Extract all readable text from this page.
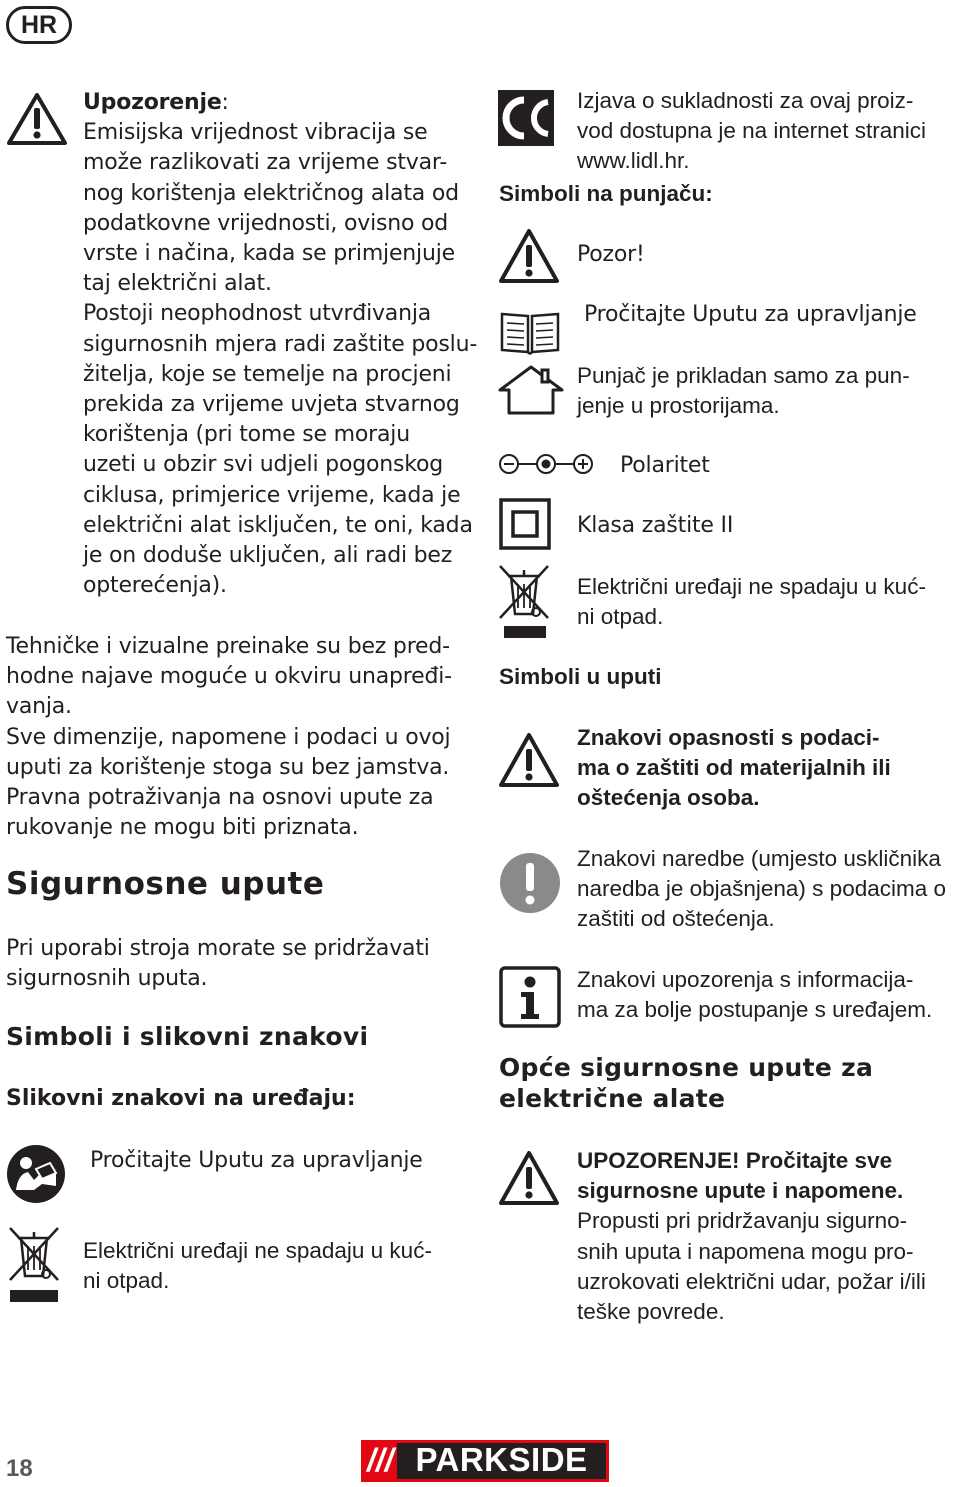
HR
Upozorenje:
Emisijska vrijednost vibracija se
može razlikovati za vrijeme stvar-
nog korištenja električnog alata od
podatkovne vrijednosti, ovisno od
vrste i načina, kada se primjenjuje
taj električni alat.
Postoji neophodnost utvrđivanja
sigurnosnih mjera radi zaštite poslu-
žitelja, koje se temelje na procjeni
prekida za vrijeme uvjeta stvarnog
korištenja (pri tome se moraju
uzeti u obzir svi udjeli pogonskog
ciklusa, primjerice vrijeme, kada je
električni alat isključen, te oni, kada
je on doduše uključen, ali radi bez
opterećenja).
Tehničke i vizualne preinake su bez pred-
hodne najave moguće u okviru unapređi-
vanja.
Sve dimenzije, napomene i podaci u ovoj
uputi za korištenje stoga su bez jamstva.
Pravna potraživanja na osnovi upute za
rukovanje ne mogu biti priznata.
Sigurnosne upute
Pri uporabi stroja morate se pridržavati
sigurnosnih uputa.
Simboli i slikovni znakovi
Slikovni znakovi na uređaju:
Pročitajte Uputu za upravljanje
Električni uređaji ne spadaju u kuć-
ni otpad.
Izjava o sukladnosti za ovaj proiz-
vod dostupna je na internet stranici
www.lidl.hr.
Simboli na punjaču:
Pozor!
Pročitajte Uputu za upravljanje
Punjač je prikladan samo za pun-
jenje u prostorijama.
Polaritet
Klasa zaštite II
Električni uređaji ne spadaju u kuć-
ni otpad.
Simboli u uputi
Znakovi opasnosti s podaci-
ma o zaštiti od materijalnih ili
oštećenja osoba.
Znakovi naredbe (umjesto uskličnika
naredba je objašnjena) s podacima o
zaštiti od oštećenja.
Znakovi upozorenja s informacija-
ma za bolje postupanje s uređajem.
Opće sigurnosne upute za
električne alate
UPOZORENJE! Pročitajte sve
sigurnosne upute i napomene.
Propusti pri pridržavanju sigurno-
snih uputa i napomena mogu pro-
uzrokovati električni udar, požar i/ili
teške povrede.
18	/// PARKSIDE
